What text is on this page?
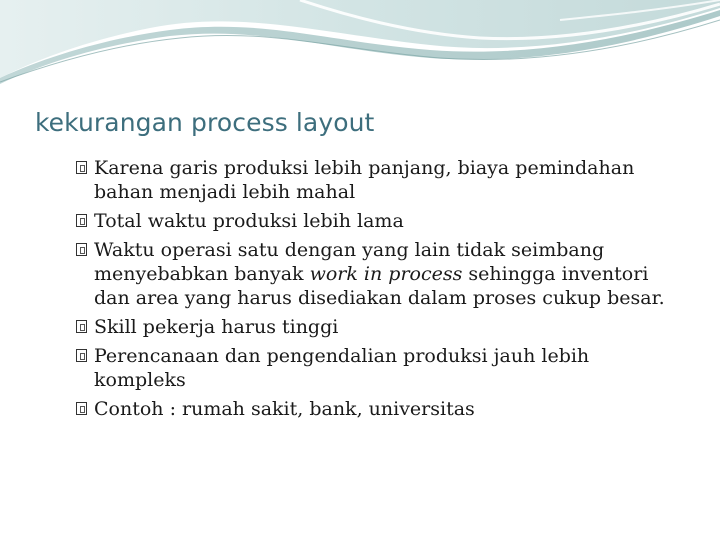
kekurangan process layout
Karena garis produksi lebih panjang, biaya pemindahan bahan menjadi lebih mahal
Total waktu produksi lebih lama
Waktu operasi satu dengan yang lain tidak seimbang menyebabkan banyak work in process sehingga inventori dan area yang harus disediakan dalam proses cukup besar.
Skill pekerja harus tinggi
Perencanaan dan pengendalian produksi jauh lebih kompleks
Contoh : rumah sakit, bank, universitas
